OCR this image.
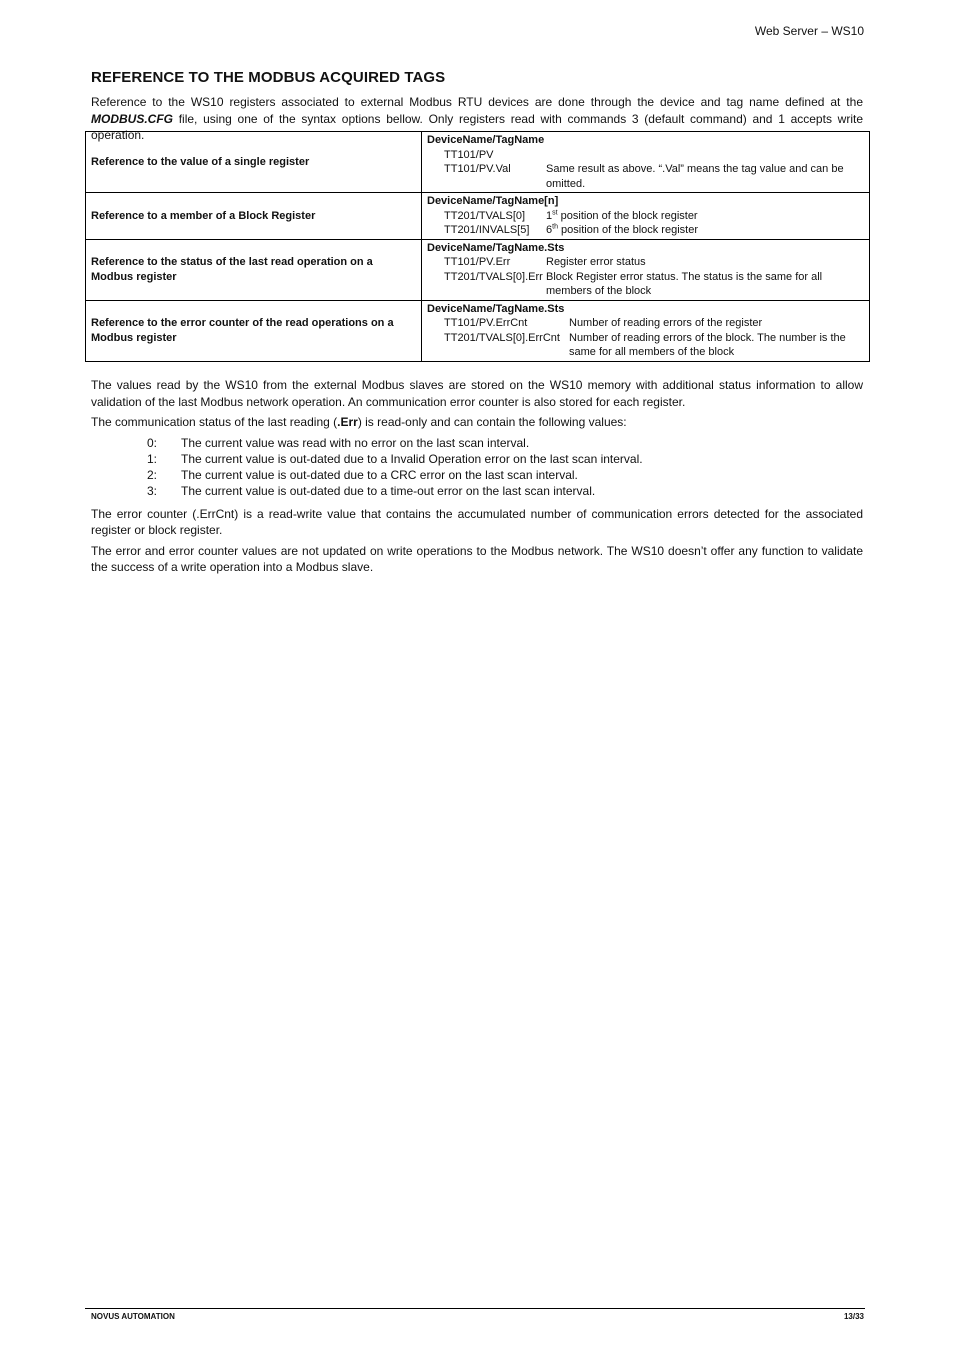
Web Server – WS10
REFERENCE TO THE MODBUS ACQUIRED TAGS

Reference to the WS10 registers associated to external Modbus RTU devices are done through the device and tag name defined at the MODBUS.CFG file, using one of the syntax options bellow. Only registers read with commands 3 (default command) and 1 accepts write operation.

Reference to the value of a single register	DeviceName/TagName
TT101/PV
TT101/PV.Val Same result as above. “.Val” means the tag value and can be omitted.

Reference to a member of a Block Register	DeviceName/TagName[n]
TT201/TVALS[0] 1st position of the block register
TT201/INVALS[5] 6th position of the block register

Reference to the status of the last read operation on a Modbus register	DeviceName/TagName.Sts
TT101/PV.Err Register error status
TT201/TVALS[0].Err Block Register error status. The status is the same for all members of the block

Reference to the error counter of the read operations on a Modbus register	DeviceName/TagName.Sts
TT101/PV.ErrCnt Number of reading errors of the register
TT201/TVALS[0].ErrCnt Number of reading errors of the block. The number is the same for all members of the block

The values read by the WS10 from the external Modbus slaves are stored on the WS10 memory with additional status information to allow validation of the last Modbus network operation. An communication error counter is also stored for each register.

The communication status of the last reading (.Err) is read-only and can contain the following values:

0:	The current value was read with no error on the last scan interval.
1:	The current value is out-dated due to a Invalid Operation error on the last scan interval.
2:	The current value is out-dated due to a CRC error on the last scan interval.
3:	The current value is out-dated due to a time-out error on the last scan interval.

The error counter (.ErrCnt) is a read-write value that contains the accumulated number of communication errors detected for the associated register or block register.

The error and error counter values are not updated on write operations to the Modbus network. The WS10 doesn’t offer any function to validate the success of a write operation into a Modbus slave.

NOVUS AUTOMATION	13/33
